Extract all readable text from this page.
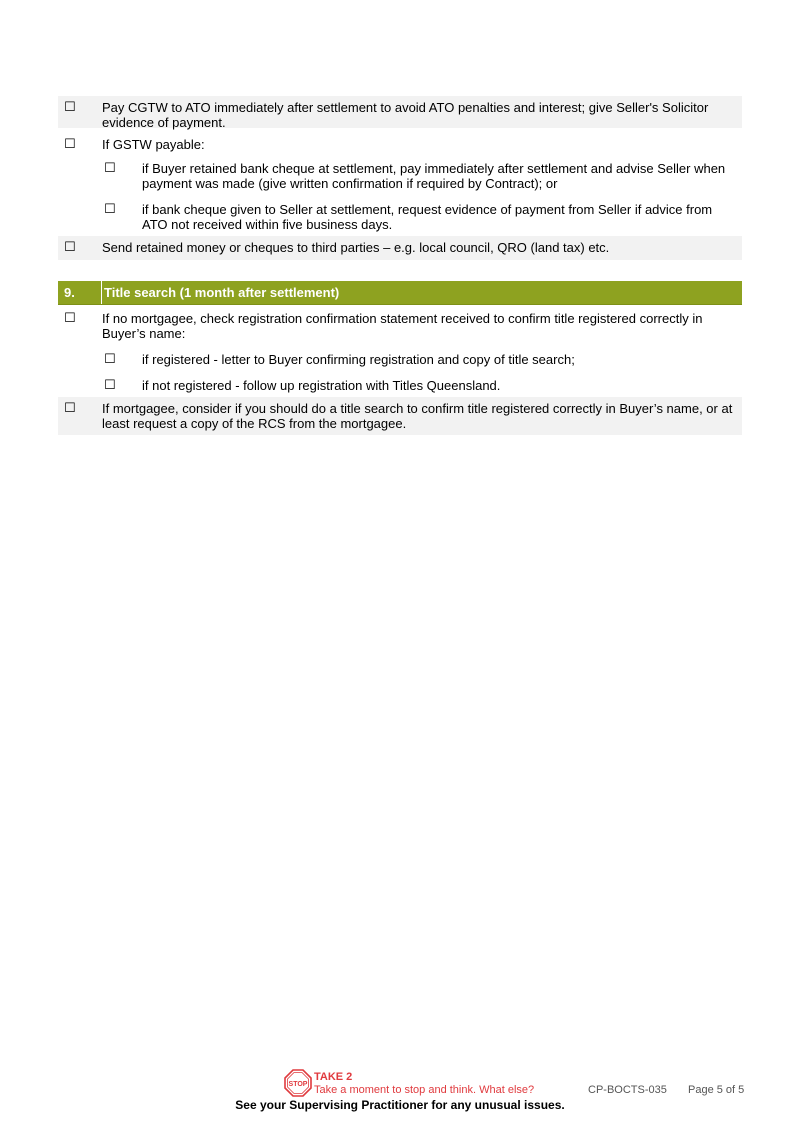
☐	Pay CGTW to ATO immediately after settlement to avoid ATO penalties and interest; give Seller's Solicitor evidence of payment.
☐	If GSTW payable:
☐	if Buyer retained bank cheque at settlement, pay immediately after settlement and advise Seller when payment was made (give written confirmation if required by Contract); or
☐	if bank cheque given to Seller at settlement, request evidence of payment from Seller if advice from ATO not received within five business days.
☐	Send retained money or cheques to third parties – e.g. local council, QRO (land tax) etc.
9.	Title search (1 month after settlement)
☐	If no mortgagee, check registration confirmation statement received to confirm title registered correctly in Buyer’s name:
☐	if registered - letter to Buyer confirming registration and copy of title search;
☐	if not registered - follow up registration with Titles Queensland.
☐	If mortgagee, consider if you should do a title search to confirm title registered correctly in Buyer’s name, or at least request a copy of the RCS from the mortgagee.
STOP
TAKE 2
Take a moment to stop and think. What else?	CP-BOCTS-035 Page 5 of 5
See your Supervising Practitioner for any unusual issues.
